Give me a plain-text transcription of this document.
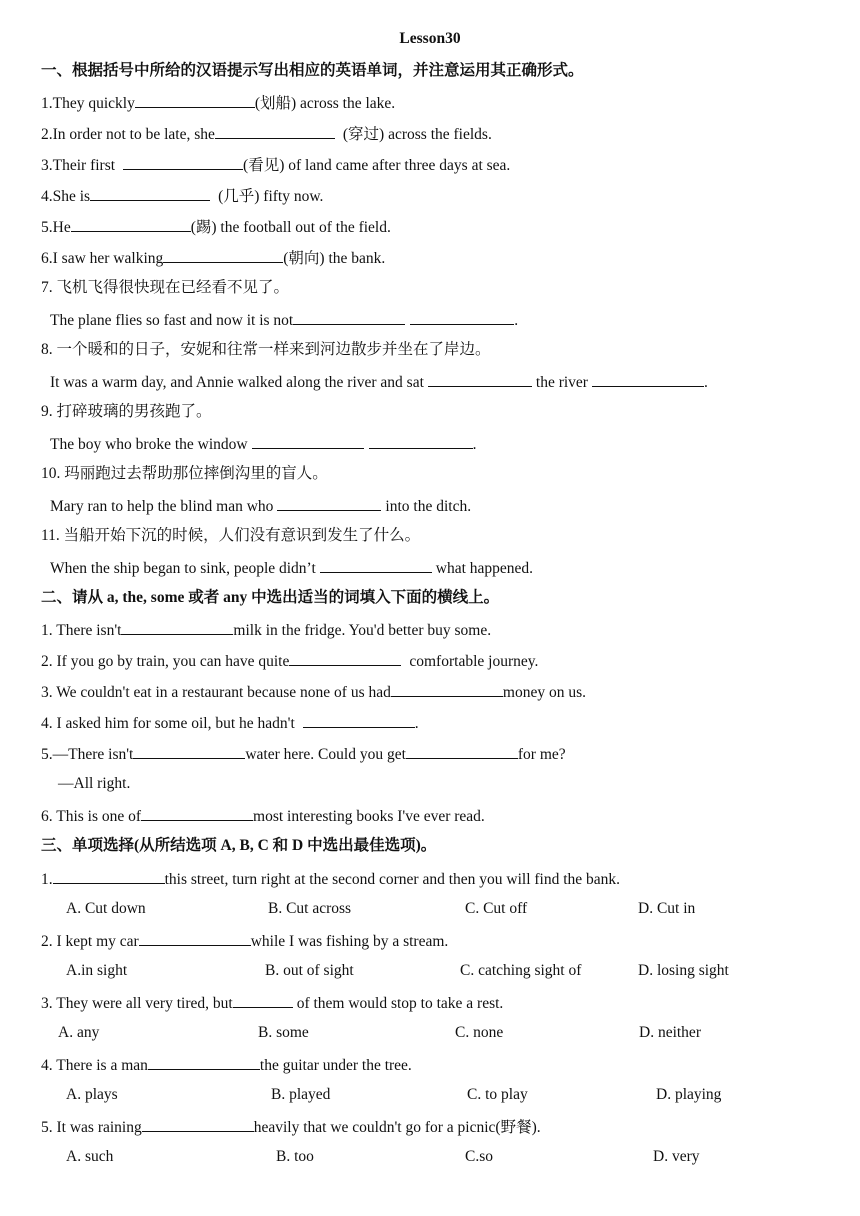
Lesson30
一、根据括号中所给的汉语提示写出相应的英语单词，并注意运用其正确形式。
1.They quickly	(划船) across the lake.
2.In order not to be late, she	(穿过) across the fields.
3.Their first	(看见) of land came after three days at sea.
4.She is	(几乎) fifty now.
5.He	(踢) the football out of the field.
6.I saw her walking	(朝向) the bank.
7. 飞机飞得很快现在已经看不见了。
The plane flies so fast and now it is not	.
8. 一个暖和的日子，安妮和往常一样来到河边散步并坐在了岸边。
It was a warm day, and Annie walked along the river and sat	the river	.
9. 打碎玻璃的男孩跑了。
The boy who broke the window	.
10. 玛丽跑过去帮助那位摔倒沟里的盲人。
Mary ran to help the blind man who	into the ditch.
11. 当船开始下沉的时候，人们没有意识到发生了什么。
When the ship began to sink, people didn’t	what happened.
二、请从 a, the, some 或者 any 中选出适当的词填入下面的横线上。
1. There isn't	milk in the fridge. You'd better buy some.
2. If you go by train, you can have quite	comfortable journey.
3. We couldn't eat in a restaurant because none of us had	money on us.
4. I asked him for some oil, but he hadn't	.
5.—There isn't	water here. Could you get	for me?
—All right.
6. This is one of	most interesting books I've ever read.
三、单项选择(从所结选项 A, B, C 和 D 中选出最佳选项)。
1.	this street, turn right at the second corner and then you will find the bank.
A. Cut down	B. Cut across	C. Cut off	D. Cut in
2. I kept my car	while I was fishing by a stream.
A.in sight	B. out of sight	C. catching sight of	D. losing sight
3. They were all very tired, but	of them would stop to take a rest.
A. any	B. some	C. none	D. neither
4. There is a man	the guitar under the tree.
A. plays	B. played	C. to play	D. playing
5. It was raining	heavily that we couldn't go for a picnic(野餐).
A. such	B. too	C.so	D. very
